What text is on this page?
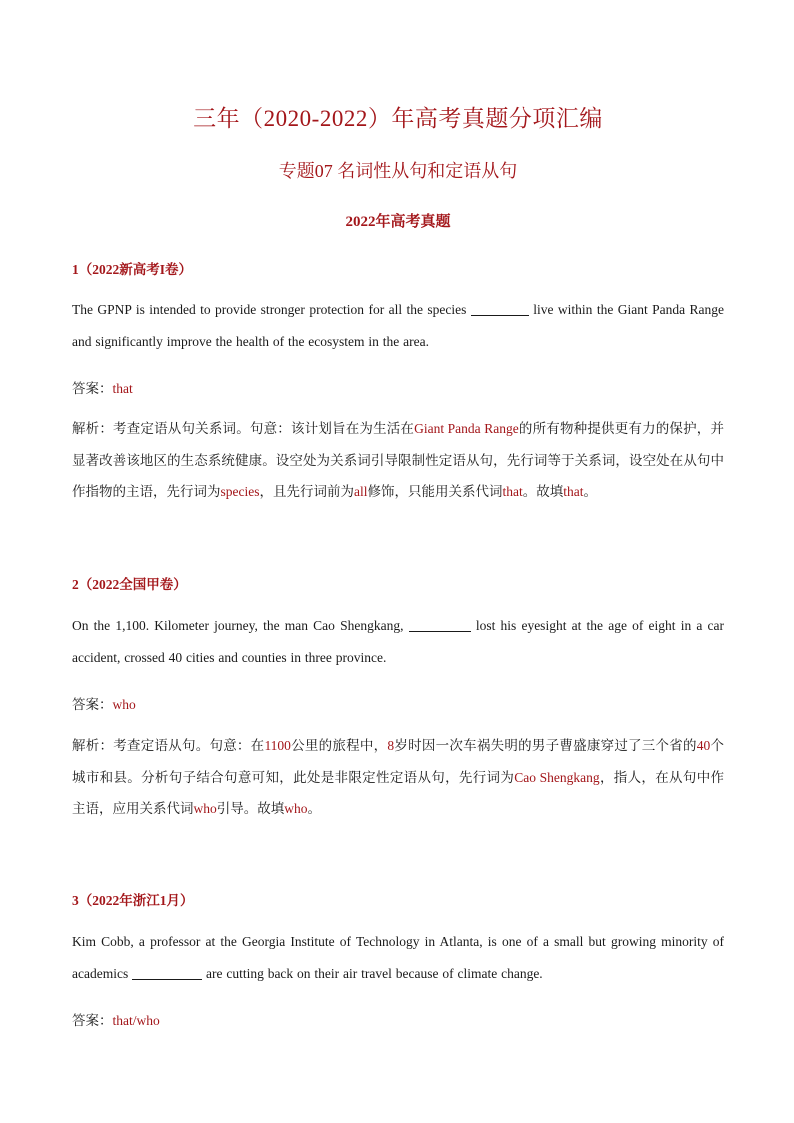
三年（2020-2022）年高考真题分项汇编
专题07 名词性从句和定语从句
2022年高考真题
1（2022新高考I卷）
The GPNP is intended to provide stronger protection for all the species	live within the Giant Panda Range and significantly improve the health of the ecosystem in the area.
答案：that
解析：考查定语从句关系词。句意：该计划旨在为生活在Giant Panda Range的所有物种提供更有力的保护，并显著改善该地区的生态系统健康。设空处为关系词引导限制性定语从句，先行词等于关系词，设空处在从句中作指物的主语，先行词为species，且先行词前为all修饰，只能用关系代词that。故填that。
2（2022全国甲卷）
On the 1,100. Kilometer journey, the man Cao Shengkang,	lost his eyesight at the age of eight in a car accident, crossed 40 cities and counties in three province.
答案：who
解析：考查定语从句。句意：在1100公里的旅程中，8岁时因一次车祸失明的男子曹盛康穿过了三个省的40个城市和县。分析句子结合句意可知，此处是非限定性定语从句，先行词为Cao Shengkang，指人，在从句中作主语，应用关系代词who引导。故填who。
3（2022年浙江1月）
Kim Cobb, a professor at the Georgia Institute of Technology in Atlanta, is one of a small but growing minority of academics	are cutting back on their air travel because of climate change.
答案：that/who
